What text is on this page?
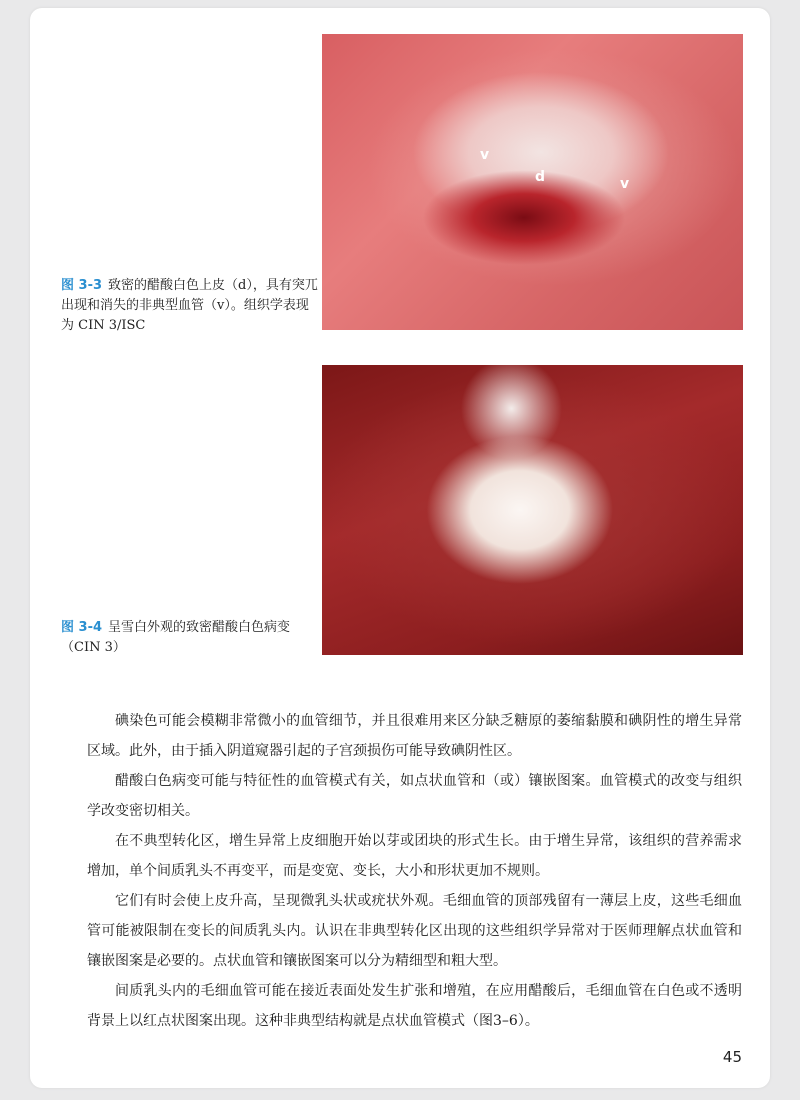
v
d	v
图 3-3 致密的醋酸白色上皮（d），具有突兀出现和消失的非典型血管（v）。组织学表现为 CIN 3/ISC
图 3-4 呈雪白外观的致密醋酸白色病变（CIN 3）

碘染色可能会模糊非常微小的血管细节，并且很难用来区分缺乏糖原的萎缩黏膜和碘阴性的增生异常区域。此外，由于插入阴道窥器引起的子宫颈损伤可能导致碘阴性区。

醋酸白色病变可能与特征性的血管模式有关，如点状血管和（或）镶嵌图案。血管模式的改变与组织学改变密切相关。

在不典型转化区，增生异常上皮细胞开始以芽或团块的形式生长。由于增生异常，该组织的营养需求增加，单个间质乳头不再变平，而是变宽、变长，大小和形状更加不规则。

它们有时会使上皮升高，呈现微乳头状或疣状外观。毛细血管的顶部残留有一薄层上皮，这些毛细血管可能被限制在变长的间质乳头内。认识在非典型转化区出现的这些组织学异常对于医师理解点状血管和镶嵌图案是必要的。点状血管和镶嵌图案可以分为精细型和粗大型。

间质乳头内的毛细血管可能在接近表面处发生扩张和增殖，在应用醋酸后，毛细血管在白色或不透明背景上以红点状图案出现。这种非典型结构就是点状血管模式（图3–6）。

45
